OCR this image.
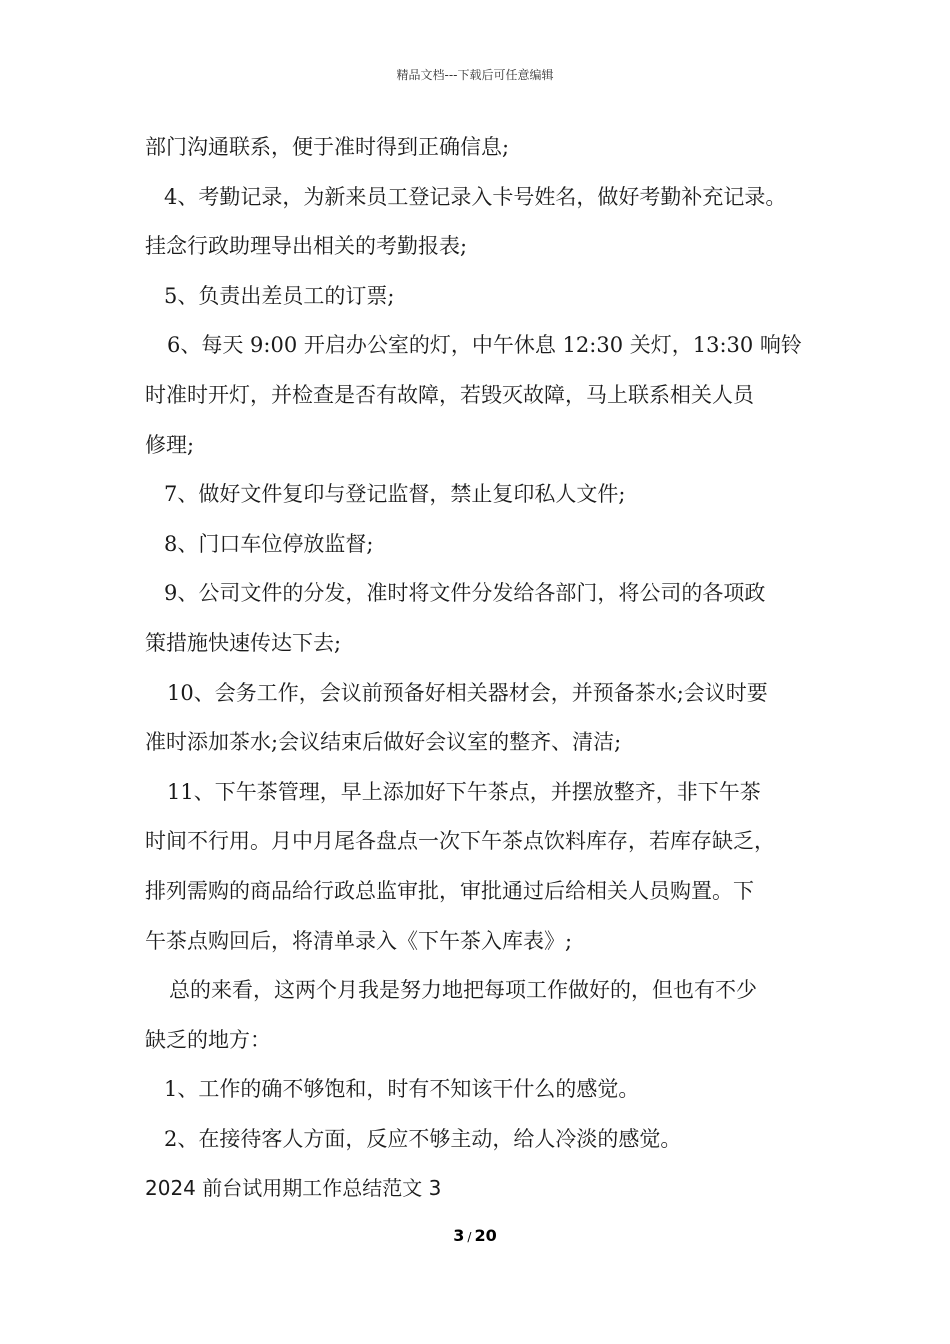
精品文档---下载后可任意编辑
部门沟通联系，便于准时得到正确信息;
4、考勤记录，为新来员工登记录入卡号姓名，做好考勤补充记录。
挂念行政助理导出相关的考勤报表;
5、负责出差员工的订票;
6、每天 9:00 开启办公室的灯，中午休息 12:30 关灯，13:30 响铃
时准时开灯，并检查是否有故障，若毁灭故障，马上联系相关人员
修理;
7、做好文件复印与登记监督，禁止复印私人文件;
8、门口车位停放监督;
9、公司文件的分发，准时将文件分发给各部门，将公司的各项政
策措施快速传达下去;
10、会务工作，会议前预备好相关器材会，并预备茶水;会议时要
准时添加茶水;会议结束后做好会议室的整齐、清洁;
11、下午茶管理，早上添加好下午茶点，并摆放整齐，非下午茶
时间不行用。月中月尾各盘点一次下午茶点饮料库存，若库存缺乏，
排列需购的商品给行政总监审批，审批通过后给相关人员购置。下
午茶点购回后，将清单录入《下午茶入库表》;
总的来看，这两个月我是努力地把每项工作做好的，但也有不少
缺乏的地方：
1、工作的确不够饱和，时有不知该干什么的感觉。
2、在接待客人方面，反应不够主动，给人冷淡的感觉。
2024 前台试用期工作总结范文 3
3 / 20
